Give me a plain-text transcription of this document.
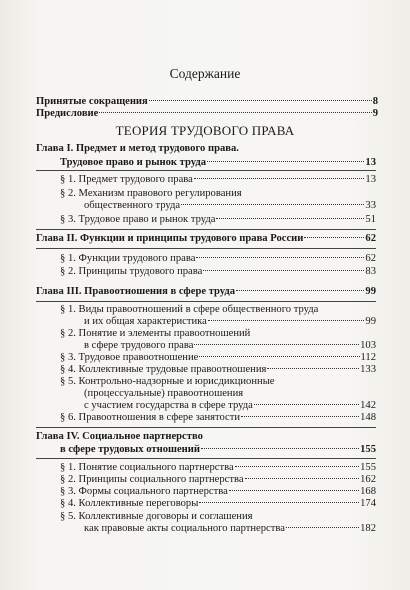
Содержание
Принятые сокращения	8
Предисловие	9
ТЕОРИЯ ТРУДОВОГО ПРАВА
Глава I. Предмет и метод трудового права.
Трудовое право и рынок труда	13
§ 1. Предмет трудового права	13
§ 2. Механизм правового регулирования
общественного труда	33
§ 3. Трудовое право и рынок труда	51
Глава II. Функции и принципы трудового права России	62
§ 1. Функции трудового права	62
§ 2. Принципы трудового права	83
Глава III. Правоотношения в сфере труда	99
§ 1. Виды правоотношений в сфере общественного труда
и их общая характеристика	99
§ 2. Понятие и элементы правоотношений
в сфере трудового права	103
§ 3. Трудовое правоотношение	112
§ 4. Коллективные трудовые правоотношения	133
§ 5. Контрольно-надзорные и юрисдикционные
(процессуальные) правоотношения
с участием государства в сфере труда	142
§ 6. Правоотношения в сфере занятости	148
Глава IV. Социальное партнерство
в сфере трудовых отношений	155
§ 1. Понятие социального партнерства	155
§ 2. Принципы социального партнерства	162
§ 3. Формы социального партнерства	168
§ 4. Коллективные переговоры	174
§ 5. Коллективные договоры и соглашения
как правовые акты социального партнерства	182
